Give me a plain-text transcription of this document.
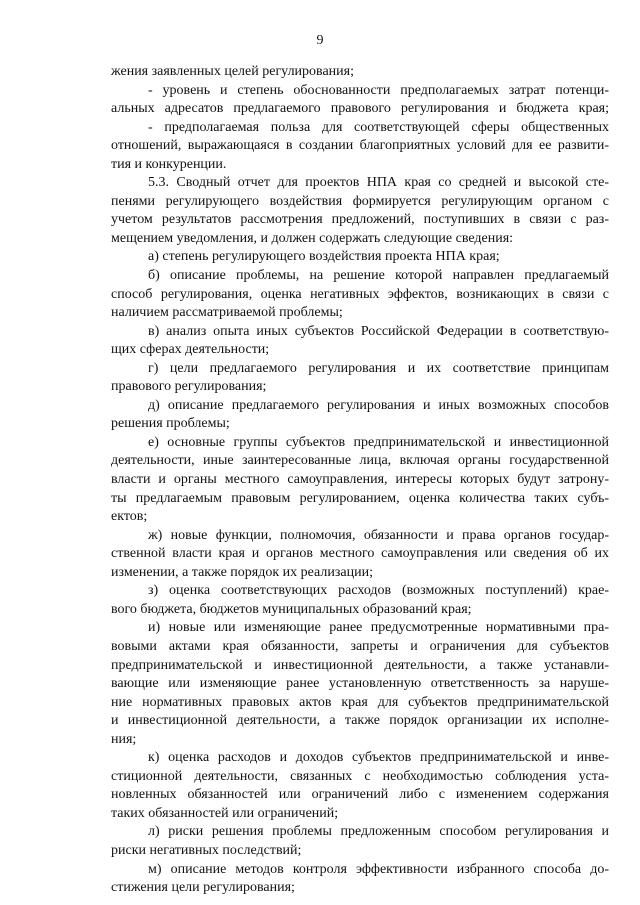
9
жения заявленных целей регулирования;
- уровень и степень обоснованности предполагаемых затрат потенци-
альных адресатов предлагаемого правового регулирования и бюджета края;
- предполагаемая польза для соответствующей сферы общественных
отношений, выражающаяся в создании благоприятных условий для ее развити-
тия и конкуренции.
5.3. Сводный отчет для проектов НПА края со средней и высокой сте-
пенями регулирующего воздействия формируется регулирующим органом с
учетом результатов рассмотрения предложений, поступивших в связи с раз-
мещением уведомления, и должен содержать следующие сведения:
а) степень регулирующего воздействия проекта НПА края;
б) описание проблемы, на решение которой направлен предлагаемый
способ регулирования, оценка негативных эффектов, возникающих в связи с
наличием рассматриваемой проблемы;
в) анализ опыта иных субъектов Российской Федерации в соответствую-
щих сферах деятельности;
г) цели предлагаемого регулирования и их соответствие принципам
правового регулирования;
д) описание предлагаемого регулирования и иных возможных способов
решения проблемы;
е) основные группы субъектов предпринимательской и инвестиционной
деятельности, иные заинтересованные лица, включая органы государственной
власти и органы местного самоуправления, интересы которых будут затрону-
ты предлагаемым правовым регулированием, оценка количества таких субъ-
ектов;
ж) новые функции, полномочия, обязанности и права органов государ-
ственной власти края и органов местного самоуправления или сведения об их
изменении, а также порядок их реализации;
з) оценка соответствующих расходов (возможных поступлений) крае-
вого бюджета, бюджетов муниципальных образований края;
и) новые или изменяющие ранее предусмотренные нормативными пра-
вовыми актами края обязанности, запреты и ограничения для субъектов
предпринимательской и инвестиционной деятельности, а также устанавли-
вающие или изменяющие ранее установленную ответственность за наруше-
ние нормативных правовых актов края для субъектов предпринимательской
и инвестиционной деятельности, а также порядок организации их исполне-
ния;
к) оценка расходов и доходов субъектов предпринимательской и инве-
стиционной деятельности, связанных с необходимостью соблюдения уста-
новленных обязанностей или ограничений либо с изменением содержания
таких обязанностей или ограничений;
л) риски решения проблемы предложенным способом регулирования и
риски негативных последствий;
м) описание методов контроля эффективности избранного способа до-
стижения цели регулирования;
